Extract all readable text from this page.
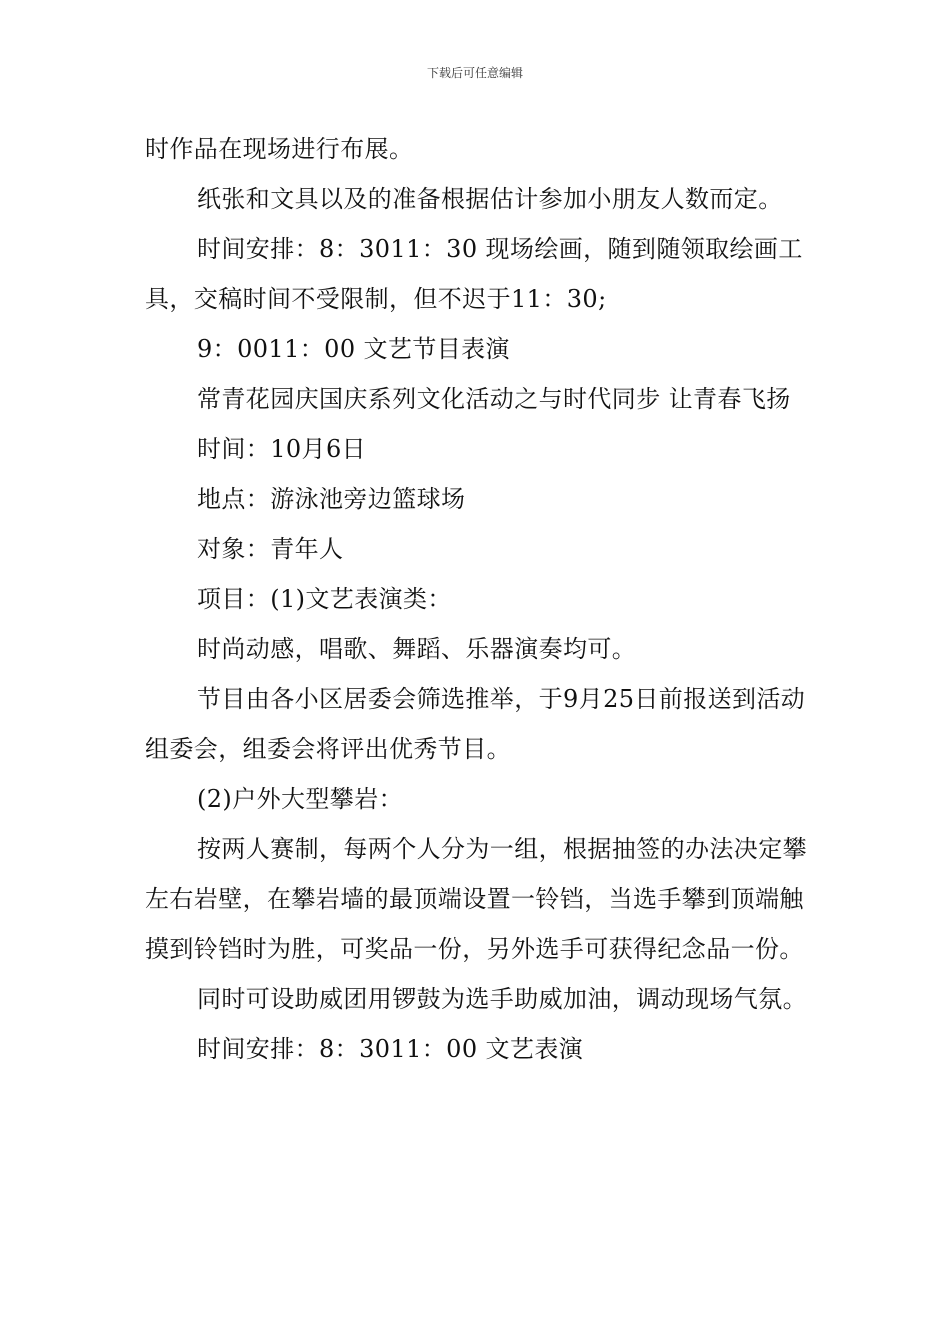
下载后可任意编辑

时作品在现场进行布展。

纸张和文具以及的准备根据估计参加小朋友人数而定。

时间安排：8：3011：30 现场绘画，随到随领取绘画工具，交稿时间不受限制，但不迟于11：30;

9：0011：00 文艺节目表演

常青花园庆国庆系列文化活动之与时代同步 让青春飞扬

时间：10月6日

地点：游泳池旁边篮球场

对象：青年人

项目：(1)文艺表演类：

时尚动感，唱歌、舞蹈、乐器演奏均可。

节目由各小区居委会筛选推举，于9月25日前报送到活动组委会，组委会将评出优秀节目。

(2)户外大型攀岩：

按两人赛制，每两个人分为一组，根据抽签的办法决定攀左右岩壁，在攀岩墙的最顶端设置一铃铛，当选手攀到顶端触摸到铃铛时为胜，可奖品一份，另外选手可获得纪念品一份。

同时可设助威团用锣鼓为选手助威加油，调动现场气氛。

时间安排：8：3011：00 文艺表演
